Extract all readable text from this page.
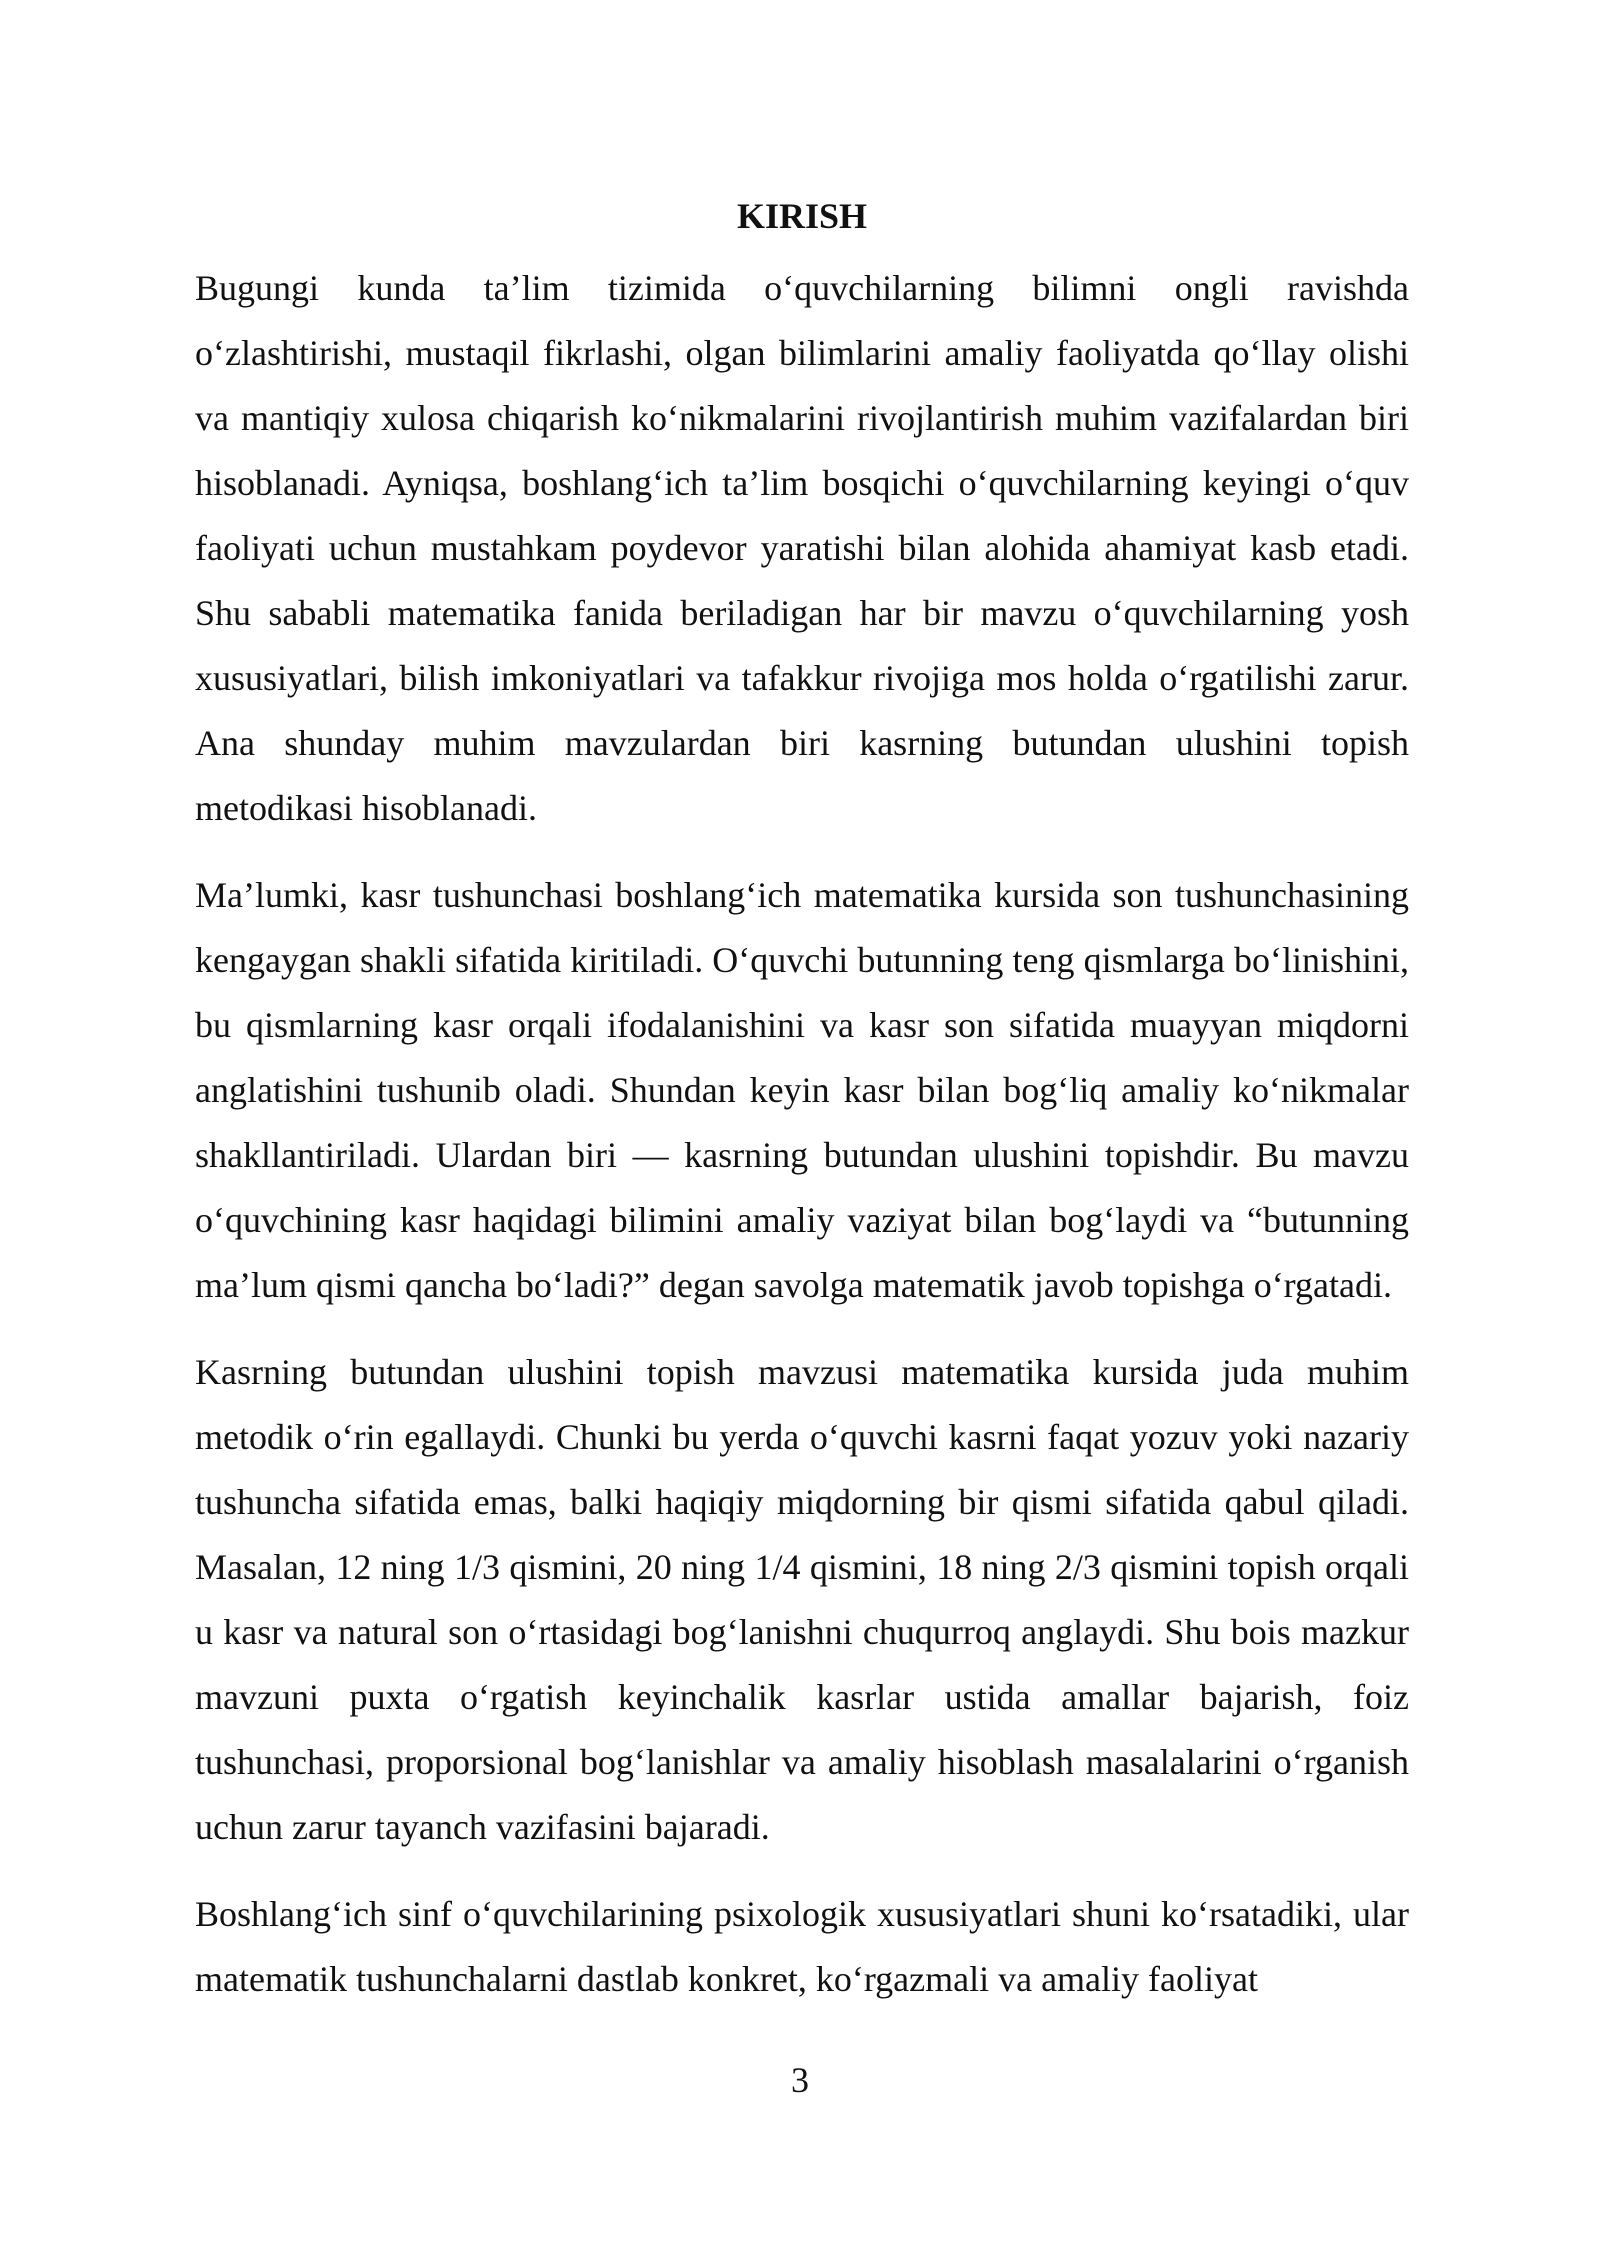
KIRISH

Bugungi kunda ta’lim tizimida o‘quvchilarning bilimni ongli ravishda o‘zlashtirishi, mustaqil fikrlashi, olgan bilimlarini amaliy faoliyatda qo‘llay olishi va mantiqiy xulosa chiqarish ko‘nikmalarini rivojlantirish muhim vazifalardan biri hisoblanadi. Ayniqsa, boshlang‘ich ta’lim bosqichi o‘quvchilarning keyingi o‘quv faoliyati uchun mustahkam poydevor yaratishi bilan alohida ahamiyat kasb etadi. Shu sababli matematika fanida beriladigan har bir mavzu o‘quvchilarning yosh xususiyatlari, bilish imkoniyatlari va tafakkur rivojiga mos holda o‘rgatilishi zarur. Ana shunday muhim mavzulardan biri kasrning butundan ulushini topish metodikasi hisoblanadi.

Ma’lumki, kasr tushunchasi boshlang‘ich matematika kursida son tushunchasining kengaygan shakli sifatida kiritiladi. O‘quvchi butunning teng qismlarga bo‘linishini, bu qismlarning kasr orqali ifodalanishini va kasr son sifatida muayyan miqdorni anglatishini tushunib oladi. Shundan keyin kasr bilan bog‘liq amaliy ko‘nikmalar shakllantiriladi. Ulardan biri — kasrning butundan ulushini topishdir. Bu mavzu o‘quvchining kasr haqidagi bilimini amaliy vaziyat bilan bog‘laydi va “butunning ma’lum qismi qancha bo‘ladi?” degan savolga matematik javob topishga o‘rgatadi.

Kasrning butundan ulushini topish mavzusi matematika kursida juda muhim metodik o‘rin egallaydi. Chunki bu yerda o‘quvchi kasrni faqat yozuv yoki nazariy tushuncha sifatida emas, balki haqiqiy miqdorning bir qismi sifatida qabul qiladi. Masalan, 12 ning 1/3 qismini, 20 ning 1/4 qismini, 18 ning 2/3 qismini topish orqali u kasr va natural son o‘rtasidagi bog‘lanishni chuqurroq anglaydi. Shu bois mazkur mavzuni puxta o‘rgatish keyinchalik kasrlar ustida amallar bajarish, foiz tushunchasi, proporsional bog‘lanishlar va amaliy hisoblash masalalarini o‘rganish uchun zarur tayanch vazifasini bajaradi.

Boshlang‘ich sinf o‘quvchilarining psixologik xususiyatlari shuni ko‘rsatadiki, ular matematik tushunchalarni dastlab konkret, ko‘rgazmali va amaliy faoliyat

3
